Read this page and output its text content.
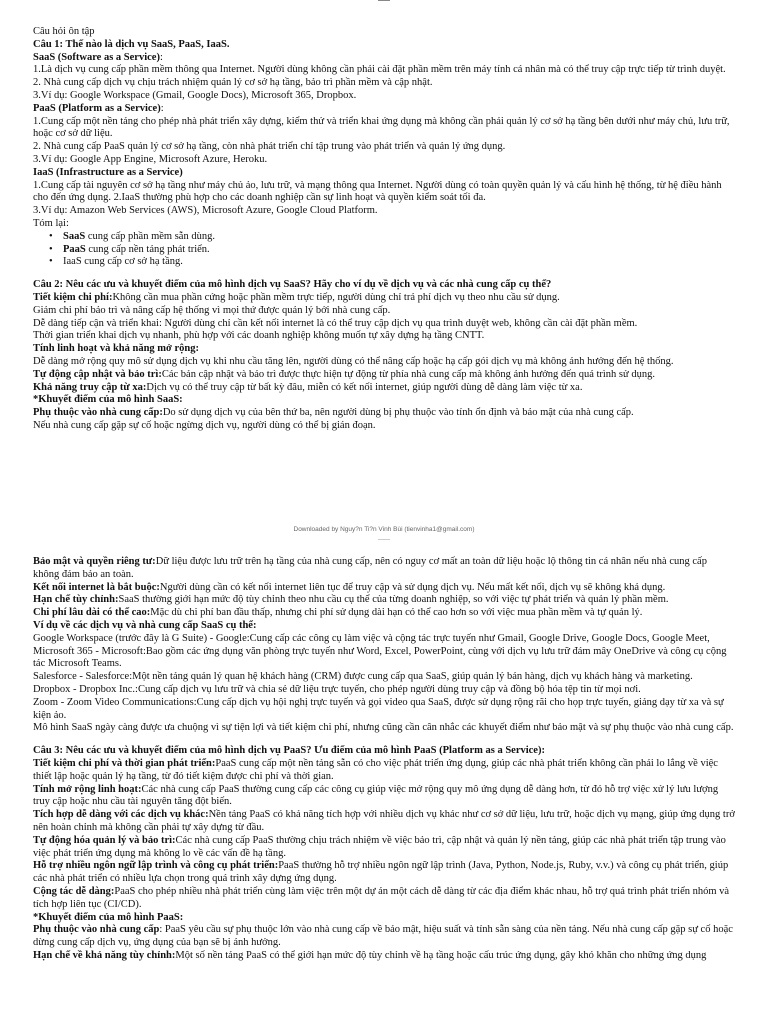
Câu hỏi ôn tập

Câu 1: Thế nào là dịch vụ SaaS, PaaS, IaaS.

SaaS (Software as a Service):

1.Là dịch vụ cung cấp phần mềm thông qua Internet. Người dùng không cần phải cài đặt phần mềm trên máy tính cá nhân mà có thể truy cập trực tiếp từ trình duyệt.

2. Nhà cung cấp dịch vụ chịu trách nhiệm quản lý cơ sở hạ tầng, bảo trì phần mềm và cập nhật.

3.Ví dụ: Google Workspace (Gmail, Google Docs), Microsoft 365, Dropbox.

PaaS (Platform as a Service):

1.Cung cấp một nền tảng cho phép nhà phát triển xây dựng, kiểm thử và triển khai ứng dụng mà không cần phải quản lý cơ sở hạ tầng bên dưới như máy chủ, lưu trữ, hoặc cơ sở dữ liệu.

2. Nhà cung cấp PaaS quản lý cơ sở hạ tầng, còn nhà phát triển chỉ tập trung vào phát triển và quản lý ứng dụng.

3.Ví dụ: Google App Engine, Microsoft Azure, Heroku.

IaaS (Infrastructure as a Service)

1.Cung cấp tài nguyên cơ sở hạ tầng như máy chủ ảo, lưu trữ, và mạng thông qua Internet. Người dùng có toàn quyền quản lý và cấu hình hệ thống, từ hệ điều hành cho đến ứng dụng. 2.IaaS thường phù hợp cho các doanh nghiệp cần sự linh hoạt và quyền kiểm soát tối đa.

3.Ví dụ: Amazon Web Services (AWS), Microsoft Azure, Google Cloud Platform.

Tóm lại:

• SaaS cung cấp phần mềm sẵn dùng.
• PaaS cung cấp nền tảng phát triển.
• IaaS cung cấp cơ sở hạ tầng.

Câu 2: Nêu các ưu và khuyết điểm của mô hình dịch vụ SaaS? Hãy cho ví dụ về dịch vụ và các nhà cung cấp cụ thể?

Tiết kiệm chi phí:Không cần mua phần cứng hoặc phần mềm trực tiếp, người dùng chỉ trả phí dịch vụ theo nhu cầu sử dụng.

Giảm chi phí bảo trì và nâng cấp hệ thống vì mọi thứ được quản lý bởi nhà cung cấp.

Dễ dàng tiếp cận và triển khai: Người dùng chỉ cần kết nối internet là có thể truy cập dịch vụ qua trình duyệt web, không cần cài đặt phần mềm.

Thời gian triển khai dịch vụ nhanh, phù hợp với các doanh nghiệp không muốn tự xây dựng hạ tầng CNTT.

Tính linh hoạt và khả năng mở rộng:

Dễ dàng mở rộng quy mô sử dụng dịch vụ khi nhu cầu tăng lên, người dùng có thể nâng cấp hoặc hạ cấp gói dịch vụ mà không ảnh hưởng đến hệ thống.

Tự động cập nhật và bảo trì:Các bản cập nhật và bảo trì được thực hiện tự động từ phía nhà cung cấp mà không ảnh hưởng đến quá trình sử dụng.

Khả năng truy cập từ xa:Dịch vụ có thể truy cập từ bất kỳ đâu, miễn có kết nối internet, giúp người dùng dễ dàng làm việc từ xa.

*Khuyết điểm của mô hình SaaS:

Phụ thuộc vào nhà cung cấp:Do sử dụng dịch vụ của bên thứ ba, nên người dùng bị phụ thuộc vào tính ổn định và bảo mật của nhà cung cấp.

Nếu nhà cung cấp gặp sự cố hoặc ngừng dịch vụ, người dùng có thể bị gián đoạn.

Downloaded by Nguy?n Ti?n Vinh Bùi (tienvinha1@gmail.com)

Bảo mật và quyền riêng tư:Dữ liệu được lưu trữ trên hạ tầng của nhà cung cấp, nên có nguy cơ mất an toàn dữ liệu hoặc lộ thông tin cá nhân nếu nhà cung cấp không đảm bảo an toàn.

Kết nối internet là bắt buộc:Người dùng cần có kết nối internet liên tục để truy cập và sử dụng dịch vụ. Nếu mất kết nối, dịch vụ sẽ không khả dụng.

Hạn chế tùy chỉnh:SaaS thường giới hạn mức độ tùy chỉnh theo nhu cầu cụ thể của từng doanh nghiệp, so với việc tự phát triển và quản lý phần mềm.

Chi phí lâu dài có thể cao:Mặc dù chi phí ban đầu thấp, nhưng chi phí sử dụng dài hạn có thể cao hơn so với việc mua phần mềm và tự quản lý.

Ví dụ về các dịch vụ và nhà cung cấp SaaS cụ thể:

Google Workspace (trước đây là G Suite) - Google:Cung cấp các công cụ làm việc và cộng tác trực tuyến như Gmail, Google Drive, Google Docs, Google Meet,

Microsoft 365 - Microsoft:Bao gồm các ứng dụng văn phòng trực tuyến như Word, Excel, PowerPoint, cùng với dịch vụ lưu trữ đám mây OneDrive và công cụ cộng tác Microsoft Teams.

Salesforce - Salesforce:Một nền tảng quản lý quan hệ khách hàng (CRM) được cung cấp qua SaaS, giúp quản lý bán hàng, dịch vụ khách hàng và marketing.

Dropbox - Dropbox Inc.:Cung cấp dịch vụ lưu trữ và chia sẻ dữ liệu trực tuyến, cho phép người dùng truy cập và đồng bộ hóa tệp tin từ mọi nơi.

Zoom - Zoom Video Communications:Cung cấp dịch vụ hội nghị trực tuyến và gọi video qua SaaS, được sử dụng rộng rãi cho họp trực tuyến, giảng dạy từ xa và sự kiện ảo.

Mô hình SaaS ngày càng được ưa chuộng vì sự tiện lợi và tiết kiệm chi phí, nhưng cũng cần cân nhắc các khuyết điểm như bảo mật và sự phụ thuộc vào nhà cung cấp.

Câu 3: Nêu các ưu và khuyết điểm của mô hình dịch vụ PaaS? Ưu điểm của mô hình PaaS (Platform as a Service):

Tiết kiệm chi phí và thời gian phát triển:PaaS cung cấp một nền tảng sẵn có cho việc phát triển ứng dụng, giúp các nhà phát triển không cần phải lo lắng về việc thiết lập hoặc quản lý hạ tầng, từ đó tiết kiệm được chi phí và thời gian.

Tính mở rộng linh hoạt:Các nhà cung cấp PaaS thường cung cấp các công cụ giúp việc mở rộng quy mô ứng dụng dễ dàng hơn, từ đó hỗ trợ việc xử lý lưu lượng truy cập hoặc nhu cầu tài nguyên tăng đột biến.

Tích hợp dễ dàng với các dịch vụ khác:Nền tảng PaaS có khả năng tích hợp với nhiều dịch vụ khác như cơ sở dữ liệu, lưu trữ, hoặc dịch vụ mạng, giúp ứng dụng trở nên hoàn chỉnh mà không cần phải tự xây dựng từ đầu.

Tự động hóa quản lý và bảo trì:Các nhà cung cấp PaaS thường chịu trách nhiệm về việc bảo trì, cập nhật và quản lý nền tảng, giúp các nhà phát triển tập trung vào việc phát triển ứng dụng mà không lo về các vấn đề hạ tầng.

Hỗ trợ nhiều ngôn ngữ lập trình và công cụ phát triển:PaaS thường hỗ trợ nhiều ngôn ngữ lập trình (Java, Python, Node.js, Ruby, v.v.) và công cụ phát triển, giúp các nhà phát triển có nhiều lựa chọn trong quá trình xây dựng ứng dụng.

Cộng tác dễ dàng:PaaS cho phép nhiều nhà phát triển cùng làm việc trên một dự án một cách dễ dàng từ các địa điểm khác nhau, hỗ trợ quá trình phát triển nhóm và tích hợp liên tục (CI/CD).

*Khuyết điểm của mô hình PaaS:

Phụ thuộc vào nhà cung cấp: PaaS yêu cầu sự phụ thuộc lớn vào nhà cung cấp về bảo mật, hiệu suất và tính sẵn sàng của nền tảng. Nếu nhà cung cấp gặp sự cố hoặc dừng cung cấp dịch vụ, ứng dụng của bạn sẽ bị ảnh hưởng.

Hạn chế về khả năng tùy chỉnh:Một số nền tảng PaaS có thể giới hạn mức độ tùy chỉnh về hạ tầng hoặc cấu trúc ứng dụng, gây khó khăn cho những ứng dụng
